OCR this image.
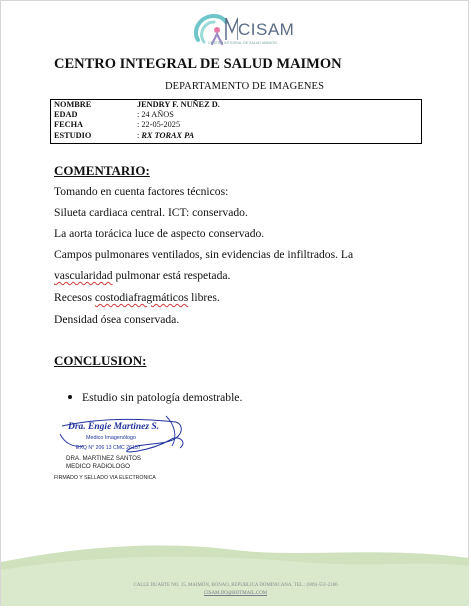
CISAM
CENTRO INTEGRAL DE SALUD MAIMON
CENTRO INTEGRAL DE SALUD MAIMON
DEPARTAMENTO DE IMAGENES
NOMBRE	JENDRY F. NUÑEZ D.
EDAD	: 24 AÑOS
FECHA	: 22-05-2025
ESTUDIO	: RX TORAX PA
COMENTARIO:
Tomando en cuenta factores técnicos:
Silueta cardiaca central. ICT: conservado.
La aorta torácica luce de aspecto conservado.
Campos pulmonares ventilados, sin evidencias de infiltrados. La
vascularidad pulmonar está respetada.
Recesos costodiafragmáticos libres.
Densidad ósea conservada.
CONCLUSION:
Estudio sin patología demostrable.
Dra. Engie Martinez S.
Medico Imagenólogo
EXQ N° 206 13 CMC 26157
DRA. MARTINEZ SANTOS
MEDICO RADIOLOGO
FIRMADO Y SELLADO VIA ELECTRONICA
CALLE DUARTE NO. 15, MAIMÓN, BONAO, REPUBLICA DOMINICANA, TEL.: (809)-551-2186
CISAM.DO@HOTMAIL.COM
